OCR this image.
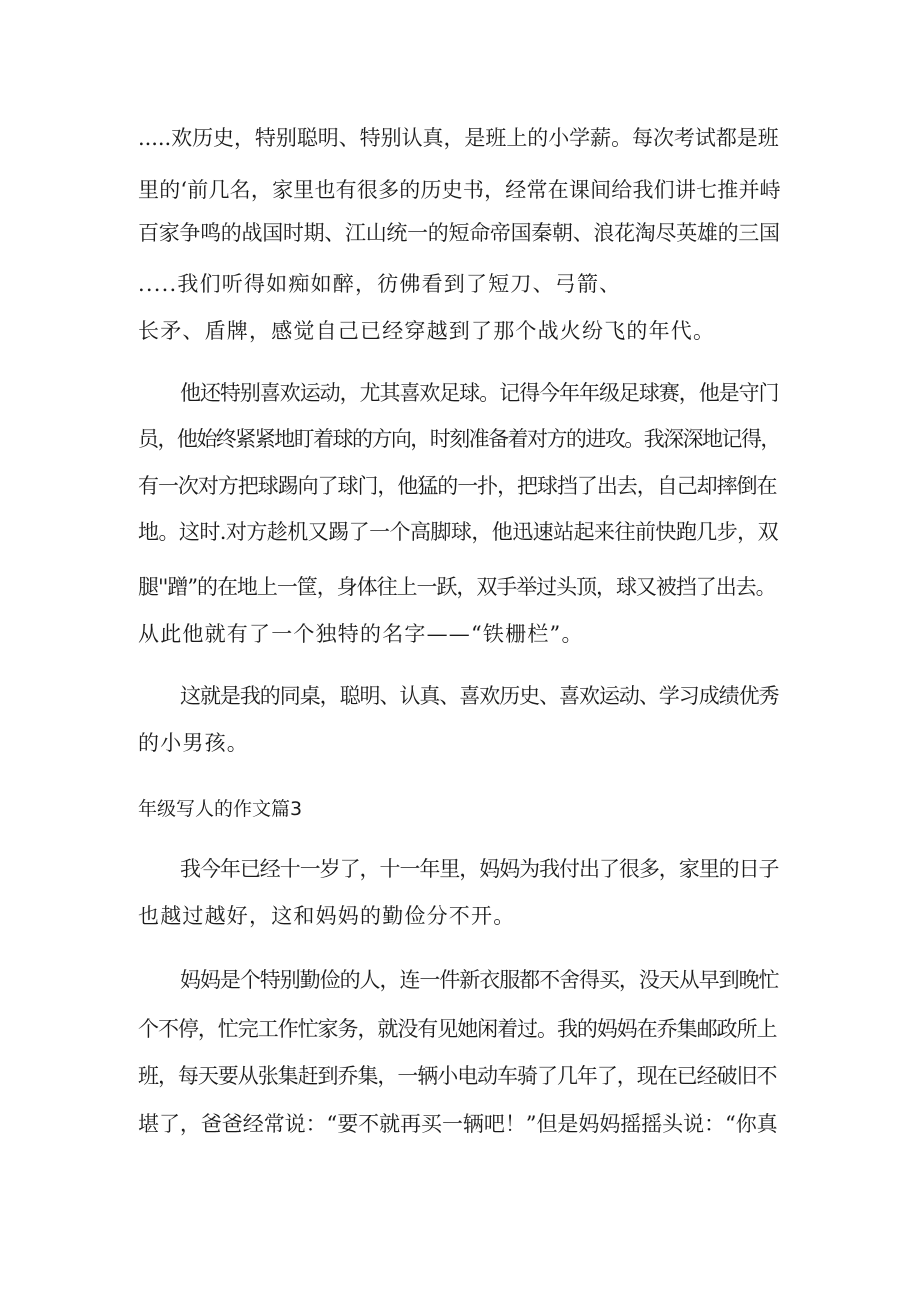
.....欢历史，特别聪明、特别认真，是班上的小学薪。每次考试都是班
里的‘前几名，家里也有很多的历史书，经常在课间给我们讲七推并峙
百家争鸣的战国时期、江山统一的短命帝国秦朝、浪花淘尽英雄的三国
.....我们听得如痴如醉，彷佛看到了短刀、弓箭、
长矛、盾牌，感觉自己已经穿越到了那个战火纷飞的年代。
他还特别喜欢运动，尤其喜欢足球。记得今年年级足球赛，他是守门
员，他始终紧紧地盯着球的方向，时刻准备着对方的进攻。我深深地记得，
有一次对方把球踢向了球门，他猛的一扑，把球挡了出去，自己却摔倒在
地。这时.对方趁机又踢了一个高脚球，他迅速站起来往前快跑几步，双
腿''蹭”的在地上一筐，身体往上一跃，双手举过头顶，球又被挡了出去。
从此他就有了一个独特的名字——“铁栅栏”。
这就是我的同桌，聪明、认真、喜欢历史、喜欢运动、学习成绩优秀
的小男孩。
年级写人的作文篇3
我今年已经十一岁了，十一年里，妈妈为我付出了很多，家里的日子
也越过越好，这和妈妈的勤俭分不开。
妈妈是个特别勤俭的人，连一件新衣服都不舍得买，没天从早到晚忙
个不停，忙完工作忙家务，就没有见她闲着过。我的妈妈在乔集邮政所上
班，每天要从张集赶到乔集，一辆小电动车骑了几年了，现在已经破旧不
堪了，爸爸经常说：“要不就再买一辆吧！”但是妈妈摇摇头说：“你真
